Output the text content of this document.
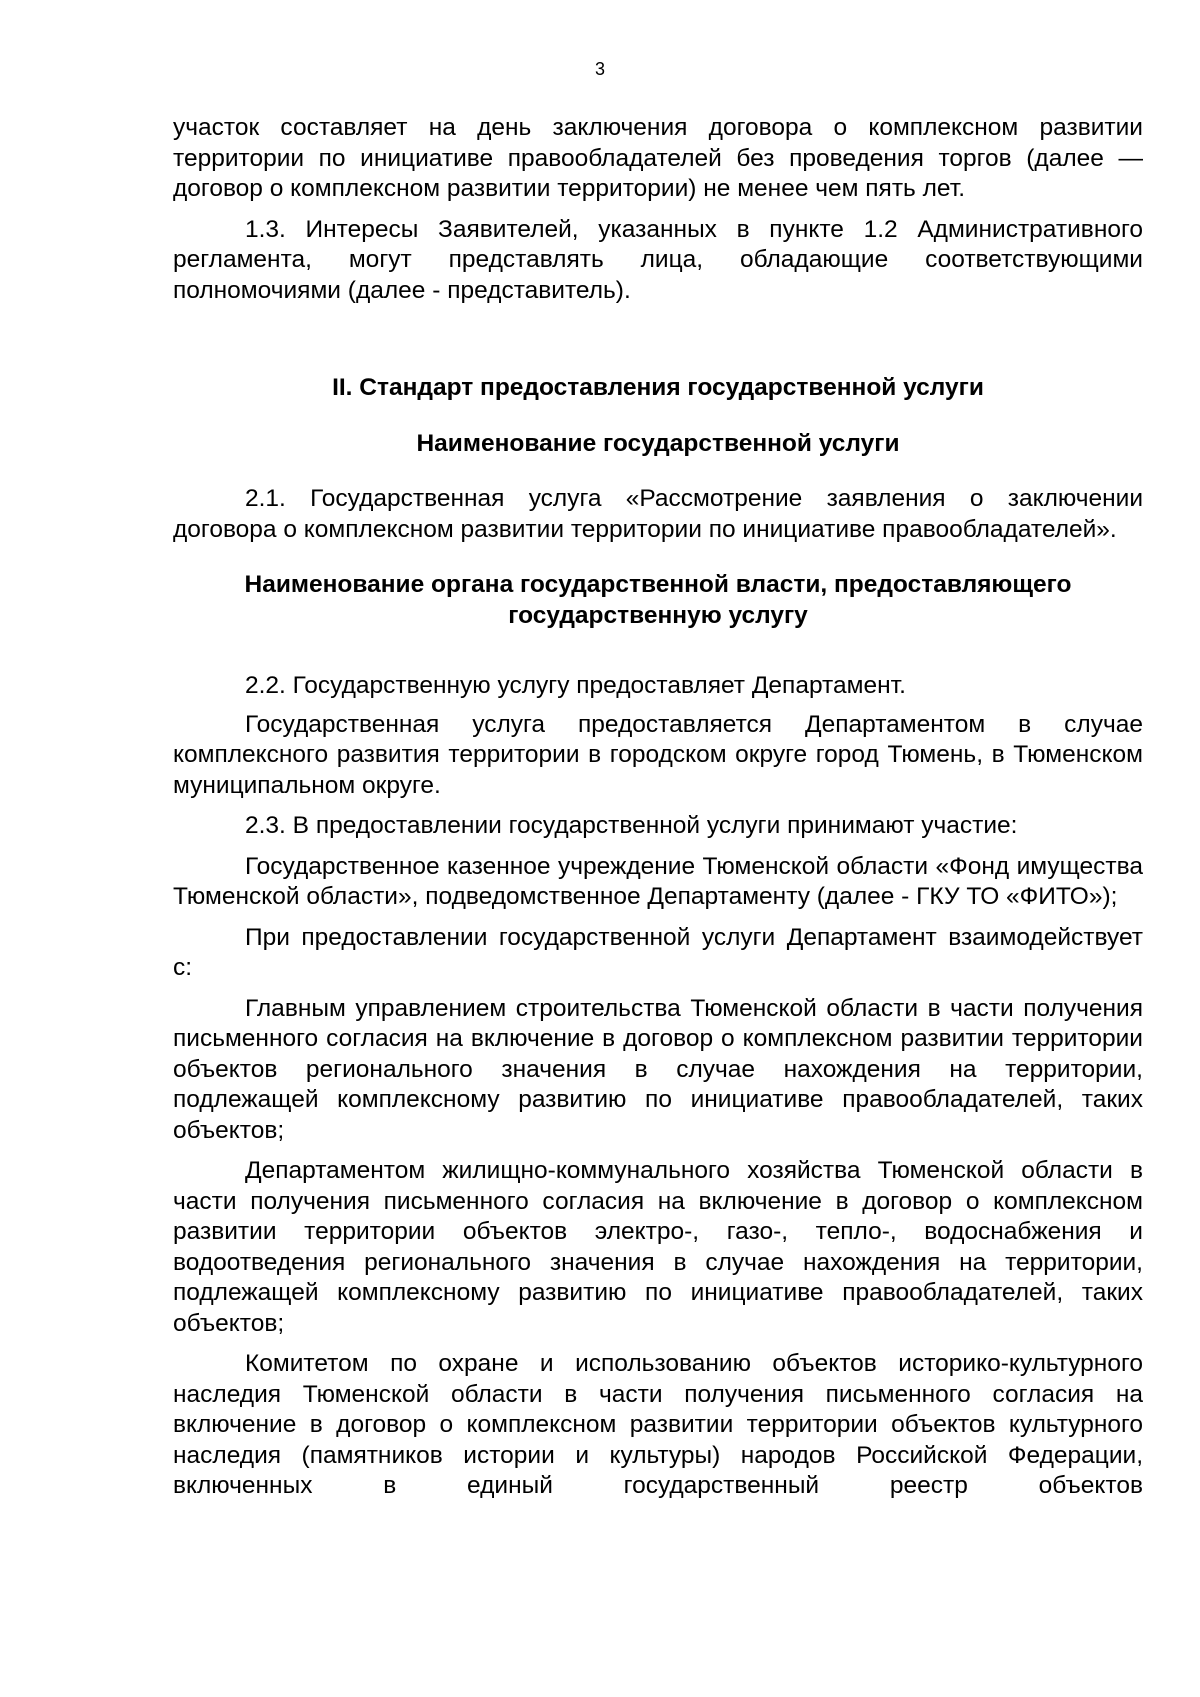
3

участок составляет на день заключения договора о комплексном развитии территории по инициативе правообладателей без проведения торгов (далее — договор о комплексном развитии территории) не менее чем пять лет.

1.3. Интересы Заявителей, указанных в пункте 1.2 Административного регламента, могут представлять лица, обладающие соответствующими полномочиями (далее - представитель).

II. Стандарт предоставления государственной услуги

Наименование государственной услуги

2.1. Государственная услуга «Рассмотрение заявления о заключении договора о комплексном развитии территории по инициативе правообладателей».

Наименование органа государственной власти, предоставляющего
государственную услугу

2.2. Государственную услугу предоставляет Департамент.

Государственная услуга предоставляется Департаментом в случае комплексного развития территории в городском округе город Тюмень, в Тюменском муниципальном округе.

2.3. В предоставлении государственной услуги принимают участие:

Государственное казенное учреждение Тюменской области «Фонд имущества Тюменской области», подведомственное Департаменту (далее - ГКУ ТО «ФИТО»);

При предоставлении государственной услуги Департамент взаимодействует с:

Главным управлением строительства Тюменской области в части получения письменного согласия на включение в договор о комплексном развитии территории объектов регионального значения в случае нахождения на территории, подлежащей комплексному развитию по инициативе правообладателей, таких объектов;

Департаментом жилищно-коммунального хозяйства Тюменской области в части получения письменного согласия на включение в договор о комплексном развитии территории объектов электро-, газо-, тепло-, водоснабжения и водоотведения регионального значения в случае нахождения на территории, подлежащей комплексному развитию по инициативе правообладателей, таких объектов;

Комитетом по охране и использованию объектов историко-культурного наследия Тюменской области в части получения письменного согласия на включение в договор о комплексном развитии территории объектов культурного наследия (памятников истории и культуры) народов Российской Федерации, включенных в единый государственный реестр объектов
